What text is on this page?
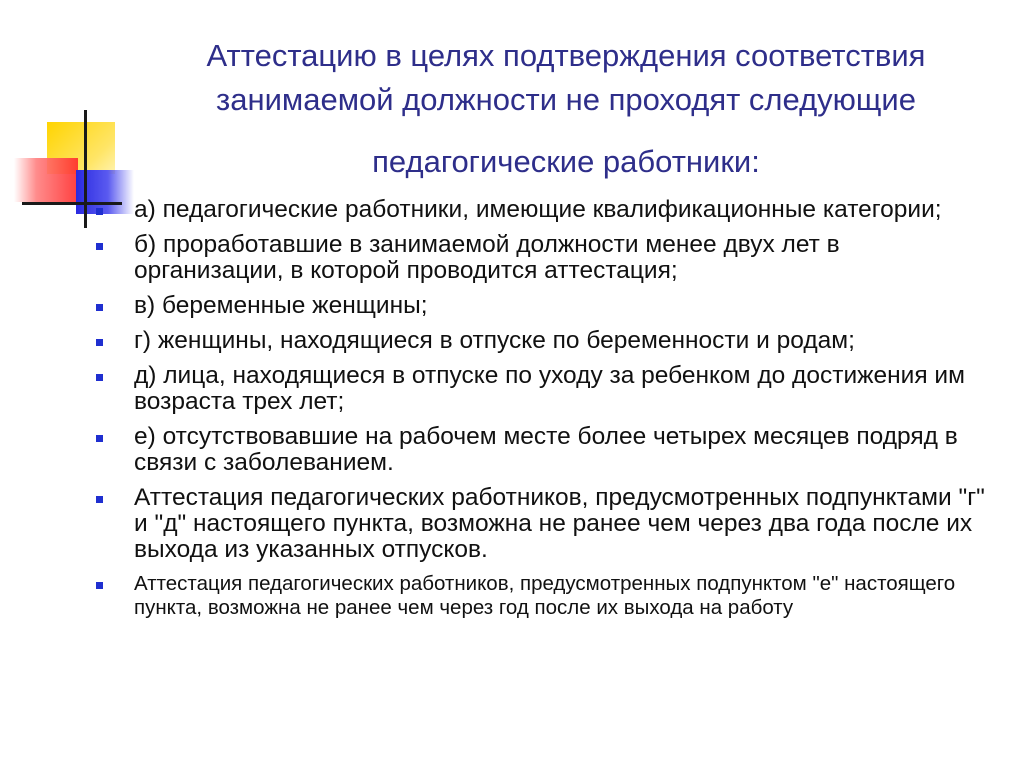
Аттестацию в целях подтверждения соответствия
занимаемой должности не проходят следующие
педагогические работники:
а) педагогические работники, имеющие квалификационные категории;
б) проработавшие в занимаемой должности менее двух лет в организации, в которой проводится аттестация;
в) беременные женщины;
г) женщины, находящиеся в отпуске по беременности и родам;
д) лица, находящиеся в отпуске по уходу за ребенком до достижения им возраста трех лет;
е) отсутствовавшие на рабочем месте более четырех месяцев подряд в связи с заболеванием.
Аттестация педагогических работников, предусмотренных подпунктами "г" и "д" настоящего пункта, возможна не ранее чем через два года после их выхода из указанных отпусков.
Аттестация педагогических работников, предусмотренных подпунктом "е" настоящего пункта, возможна не ранее чем через год после их выхода на работу
